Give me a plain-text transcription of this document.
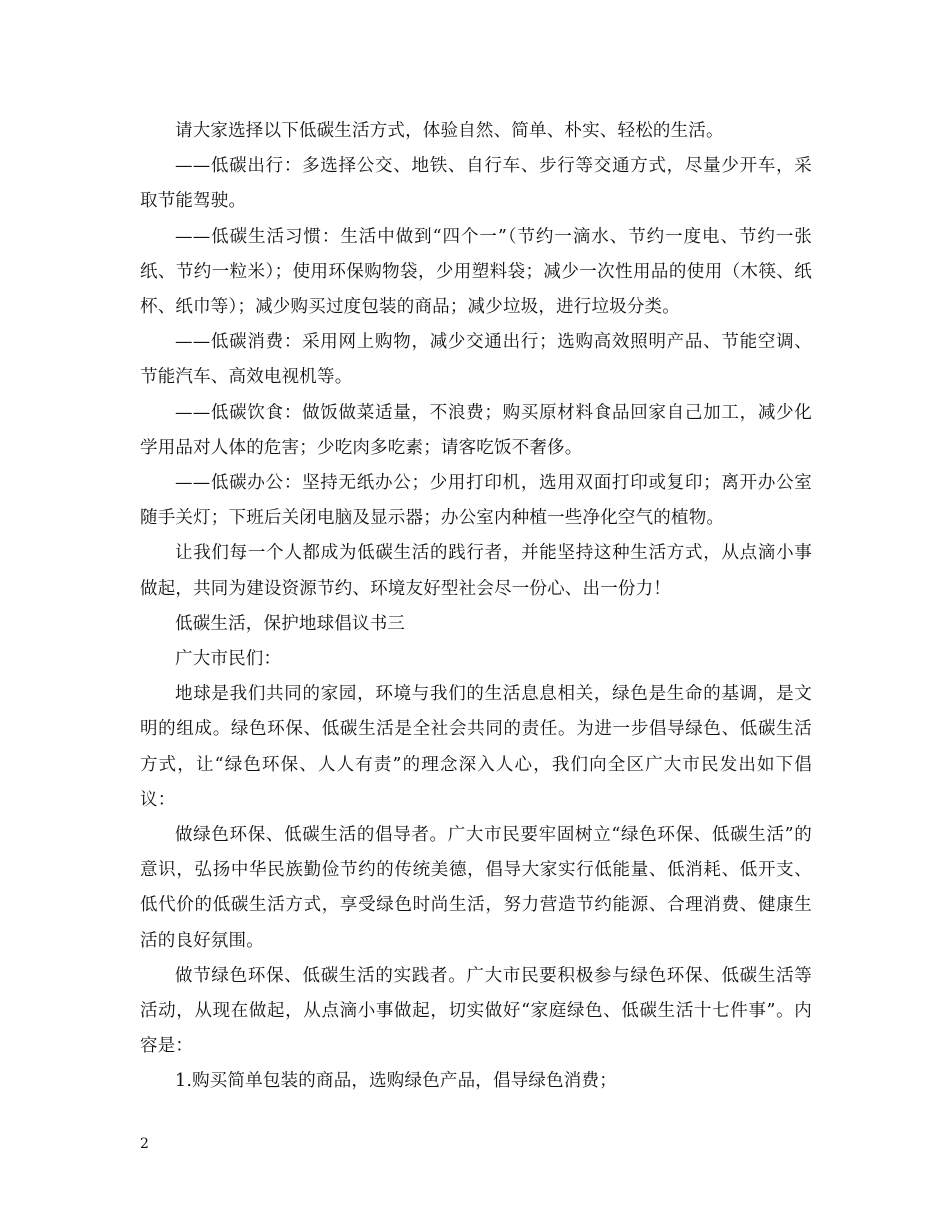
请大家选择以下低碳生活方式，体验自然、简单、朴实、轻松的生活。

——低碳出行：多选择公交、地铁、自行车、步行等交通方式，尽量少开车，采取节能驾驶。

——低碳生活习惯：生活中做到“四个一”（节约一滴水、节约一度电、节约一张纸、节约一粒米）；使用环保购物袋，少用塑料袋；减少一次性用品的使用（木筷、纸杯、纸巾等）；减少购买过度包装的商品；减少垃圾，进行垃圾分类。

——低碳消费：采用网上购物，减少交通出行；选购高效照明产品、节能空调、节能汽车、高效电视机等。

——低碳饮食：做饭做菜适量，不浪费；购买原材料食品回家自己加工，减少化学用品对人体的危害；少吃肉多吃素；请客吃饭不奢侈。

——低碳办公：坚持无纸办公；少用打印机，选用双面打印或复印；离开办公室随手关灯；下班后关闭电脑及显示器；办公室内种植一些净化空气的植物。

让我们每一个人都成为低碳生活的践行者，并能坚持这种生活方式，从点滴小事做起，共同为建设资源节约、环境友好型社会尽一份心、出一份力！

低碳生活，保护地球倡议书三

广大市民们：

地球是我们共同的家园，环境与我们的生活息息相关，绿色是生命的基调，是文明的组成。绿色环保、低碳生活是全社会共同的责任。为进一步倡导绿色、低碳生活方式，让“绿色环保、人人有责”的理念深入人心，我们向全区广大市民发出如下倡议：

做绿色环保、低碳生活的倡导者。广大市民要牢固树立“绿色环保、低碳生活”的意识，弘扬中华民族勤俭节约的传统美德，倡导大家实行低能量、低消耗、低开支、低代价的低碳生活方式，享受绿色时尚生活，努力营造节约能源、合理消费、健康生活的良好氛围。

做节绿色环保、低碳生活的实践者。广大市民要积极参与绿色环保、低碳生活等活动，从现在做起，从点滴小事做起，切实做好“家庭绿色、低碳生活十七件事”。内容是：

1.购买简单包装的商品，选购绿色产品，倡导绿色消费；

2
